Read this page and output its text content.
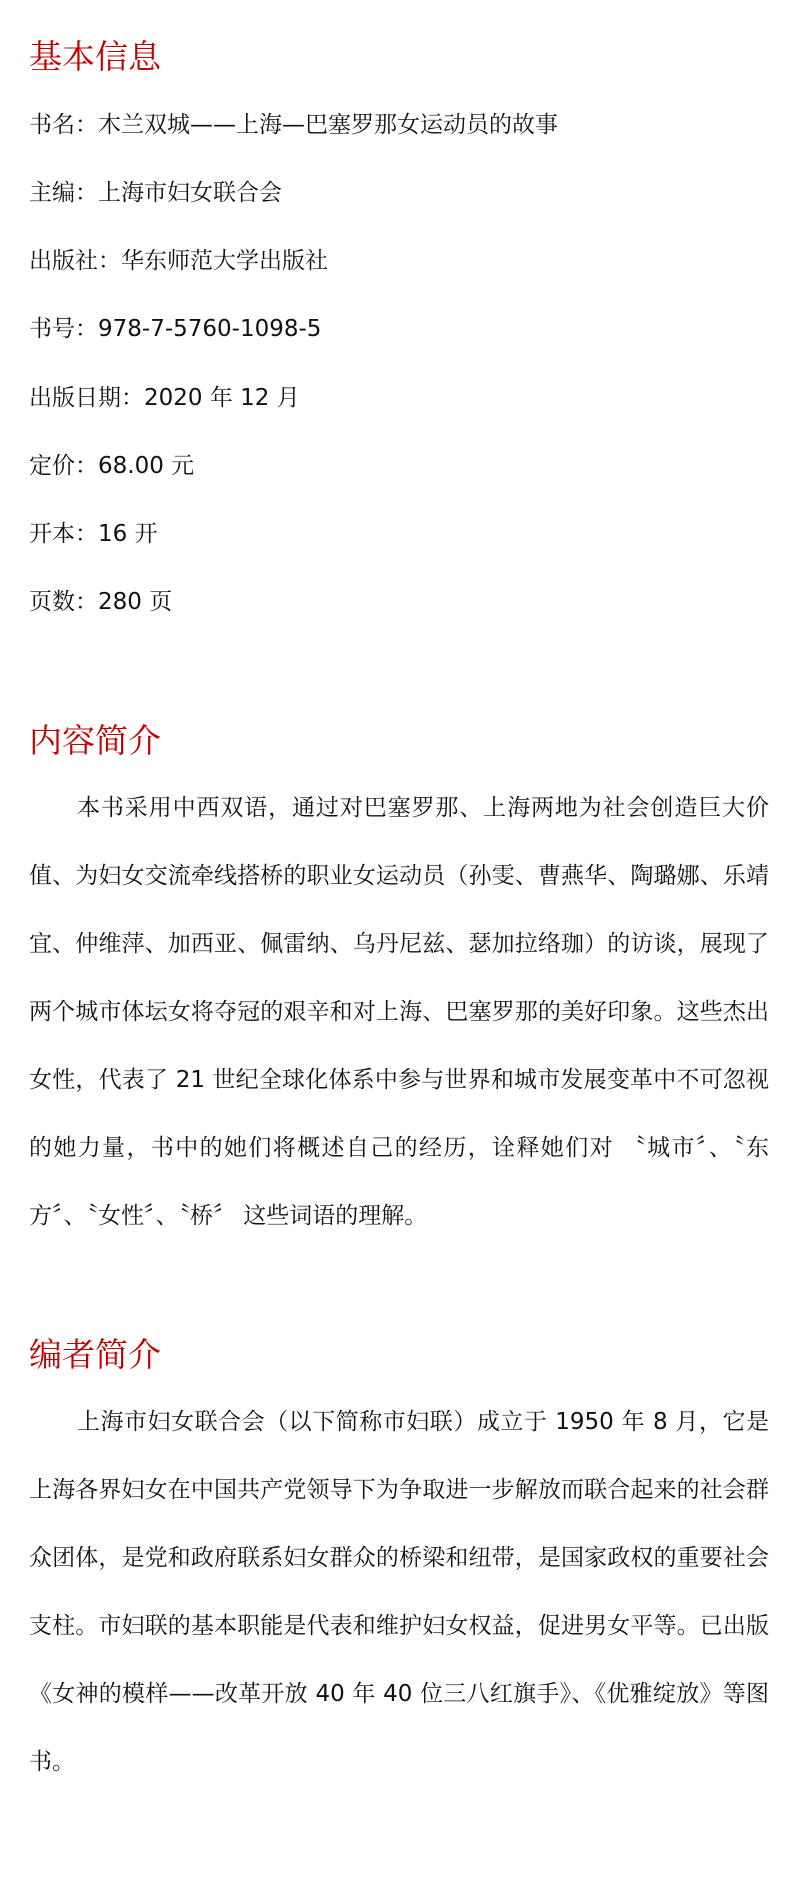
基本信息
书名：木兰双城——上海—巴塞罗那女运动员的故事
主编：上海市妇女联合会
出版社：华东师范大学出版社
书号：978-7-5760-1098-5
出版日期：2020 年 12 月
定价：68.00 元
开本：16 开
页数：280 页
内容简介

本书采用中西双语，通过对巴塞罗那、上海两地为社会创造巨大价值、为妇女交流牵线搭桥的职业女运动员（孙雯、曹燕华、陶璐娜、乐靖宜、仲维萍、加西亚、佩雷纳、乌丹尼兹、瑟加拉络珈）的访谈，展现了两个城市体坛女将夺冠的艰辛和对上海、巴塞罗那的美好印象。这些杰出女性，代表了 21 世纪全球化体系中参与世界和城市发展变革中不可忽视的她力量，书中的她们将概述自己的经历，诠释她们对 〝城市〞、〝东方〞、〝女性〞、〝桥〞 这些词语的理解。

编者简介

上海市妇女联合会（以下简称市妇联）成立于 1950 年 8 月，它是上海各界妇女在中国共产党领导下为争取进一步解放而联合起来的社会群众团体，是党和政府联系妇女群众的桥梁和纽带，是国家政权的重要社会支柱。市妇联的基本职能是代表和维护妇女权益，促进男女平等。已出版《女神的模样——改革开放 40 年 40 位三八红旗手》、《优雅绽放》等图书。
